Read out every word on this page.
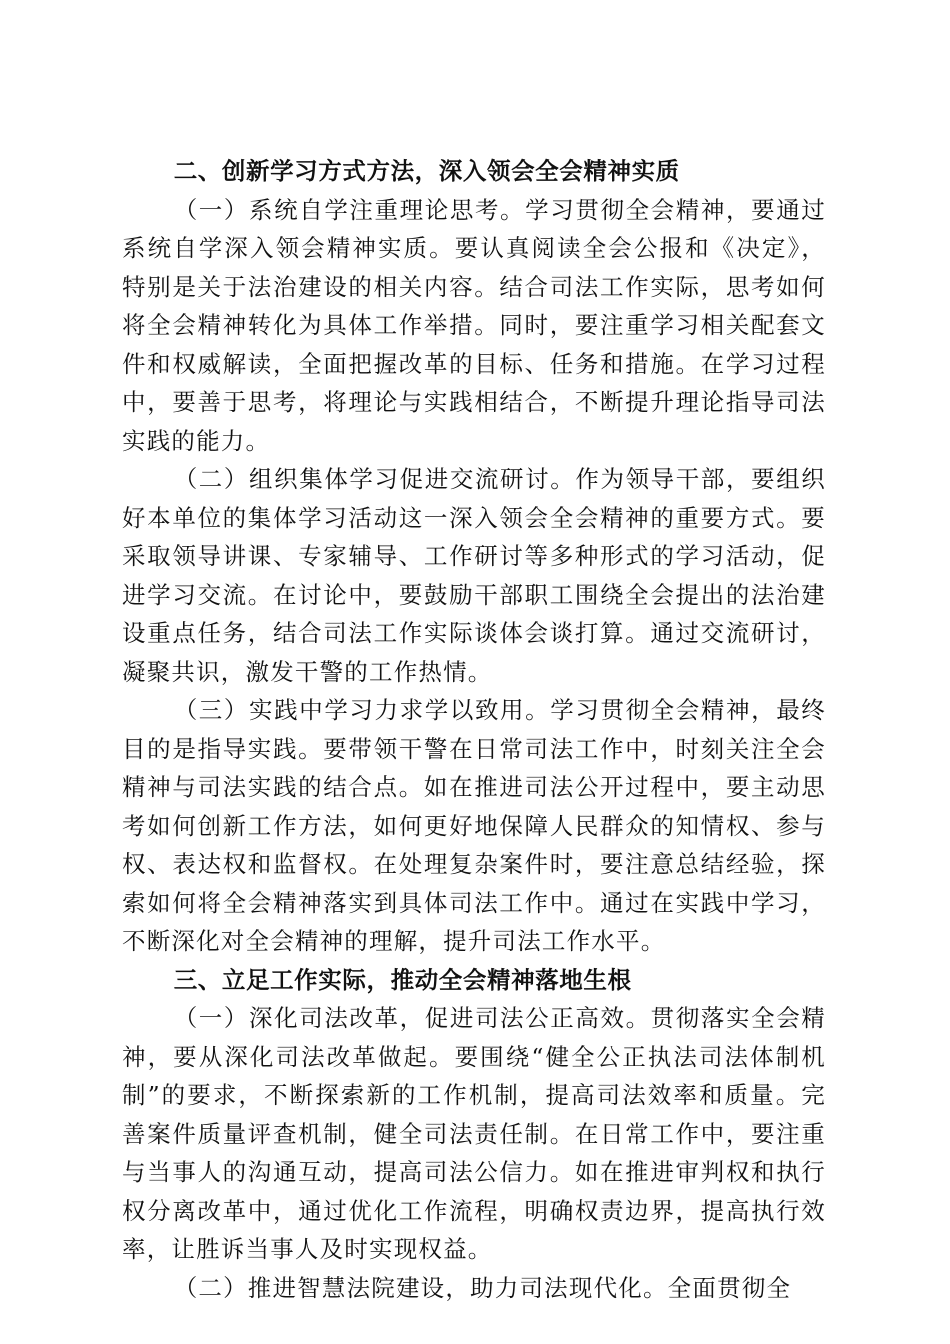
二、创新学习方式方法，深入领会全会精神实质

（一）系统自学注重理论思考。学习贯彻全会精神，要通过系统自学深入领会精神实质。要认真阅读全会公报和《决定》，特别是关于法治建设的相关内容。结合司法工作实际，思考如何将全会精神转化为具体工作举措。同时，要注重学习相关配套文件和权威解读，全面把握改革的目标、任务和措施。在学习过程中，要善于思考，将理论与实践相结合，不断提升理论指导司法实践的能力。

（二）组织集体学习促进交流研讨。作为领导干部，要组织好本单位的集体学习活动这一深入领会全会精神的重要方式。要采取领导讲课、专家辅导、工作研讨等多种形式的学习活动，促进学习交流。在讨论中，要鼓励干部职工围绕全会提出的法治建设重点任务，结合司法工作实际谈体会谈打算。通过交流研讨，凝聚共识，激发干警的工作热情。

（三）实践中学习力求学以致用。学习贯彻全会精神，最终目的是指导实践。要带领干警在日常司法工作中，时刻关注全会精神与司法实践的结合点。如在推进司法公开过程中，要主动思考如何创新工作方法，如何更好地保障人民群众的知情权、参与权、表达权和监督权。在处理复杂案件时，要注意总结经验，探索如何将全会精神落实到具体司法工作中。通过在实践中学习，不断深化对全会精神的理解，提升司法工作水平。

三、立足工作实际，推动全会精神落地生根

（一）深化司法改革，促进司法公正高效。贯彻落实全会精神，要从深化司法改革做起。要围绕“健全公正执法司法体制机制”的要求，不断探索新的工作机制，提高司法效率和质量。完善案件质量评查机制，健全司法责任制。在日常工作中，要注重与当事人的沟通互动，提高司法公信力。如在推进审判权和执行权分离改革中，通过优化工作流程，明确权责边界，提高执行效率，让胜诉当事人及时实现权益。

（二）推进智慧法院建设，助力司法现代化。全面贯彻全
